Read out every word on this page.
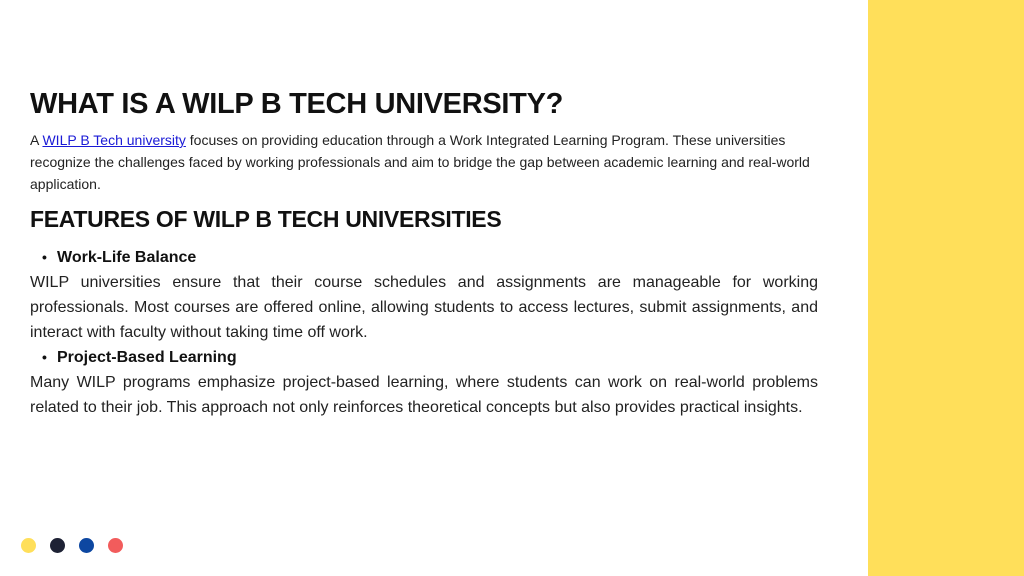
WHAT IS A WILP B TECH UNIVERSITY?

A WILP B Tech university focuses on providing education through a Work Integrated Learning Program. These universities recognize the challenges faced by working professionals and aim to bridge the gap between academic learning and real-world application.

FEATURES OF WILP B TECH UNIVERSITIES
• Work-Life Balance

WILP universities ensure that their course schedules and assignments are manageable for working professionals. Most courses are offered online, allowing students to access lectures, submit assignments, and interact with faculty without taking time off work.

• Project-Based Learning

Many WILP programs emphasize project-based learning, where students can work on real-world problems related to their job. This approach not only reinforces theoretical concepts but also provides practical insights.
